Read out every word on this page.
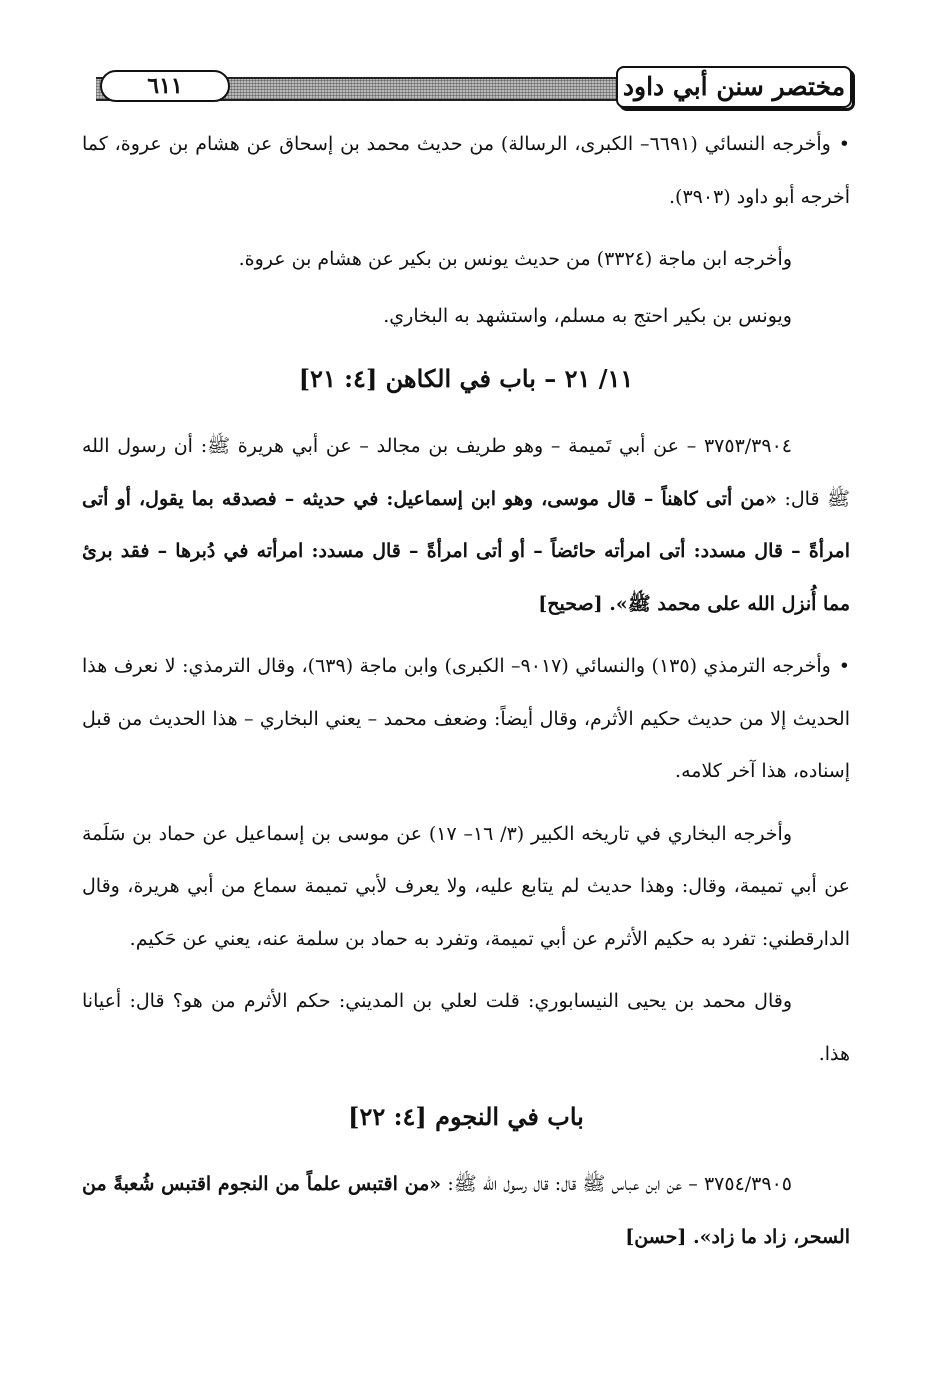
٦١١	مختصر سنن أبي داود

• وأخرجه النسائي (٦٦٩١– الكبرى، الرسالة) من حديث محمد بن إسحاق عن هشام بن عروة، كما أخرجه أبو داود (٣٩٠٣).

وأخرجه ابن ماجة (٣٣٢٤) من حديث يونس بن بكير عن هشام بن عروة.

ويونس بن بكير احتج به مسلم، واستشهد به البخاري.

١١/ ٢١ – باب في الكاهن [٤: ٢١]

٣٧٥٣/٣٩٠٤ – عن أبي تَميمة – وهو طريف بن مجالد – عن أبي هريرة ﷺ: أن رسول الله ﷺ قال: «من أتى كاهناً – قال موسى، وهو ابن إسماعيل: في حديثه – فصدقه بما يقول، أو أتى امرأةً – قال مسدد: أتى امرأته حائضاً – أو أتى امرأةً – قال مسدد: امرأته في دُبرها – فقد برئ مما أُنزل الله على محمد ﷺ». [صحيح]

• وأخرجه الترمذي (١٣٥) والنسائي (٩٠١٧– الكبرى) وابن ماجة (٦٣٩)، وقال الترمذي: لا نعرف هذا الحديث إلا من حديث حكيم الأثرم، وقال أيضاً: وضعف محمد – يعني البخاري – هذا الحديث من قبل إسناده، هذا آخر كلامه.

وأخرجه البخاري في تاريخه الكبير (٣/ ١٦– ١٧) عن موسى بن إسماعيل عن حماد بن سَلَمة عن أبي تميمة، وقال: وهذا حديث لم يتابع عليه، ولا يعرف لأبي تميمة سماع من أبي هريرة، وقال الدارقطني: تفرد به حكيم الأثرم عن أبي تميمة، وتفرد به حماد بن سلمة عنه، يعني عن حَكيم.

وقال محمد بن يحيى النيسابوري: قلت لعلي بن المديني: حكم الأثرم من هو؟ قال: أعيانا هذا.

باب في النجوم [٤: ٢٢]

٣٧٥٤/٣٩٠٥ – عن ابن عباس ﷺ قال: قال رسول الله ﷺ: «من اقتبس علماً من النجوم اقتبس شُعبةً من السحر، زاد ما زاد». [حسن]
